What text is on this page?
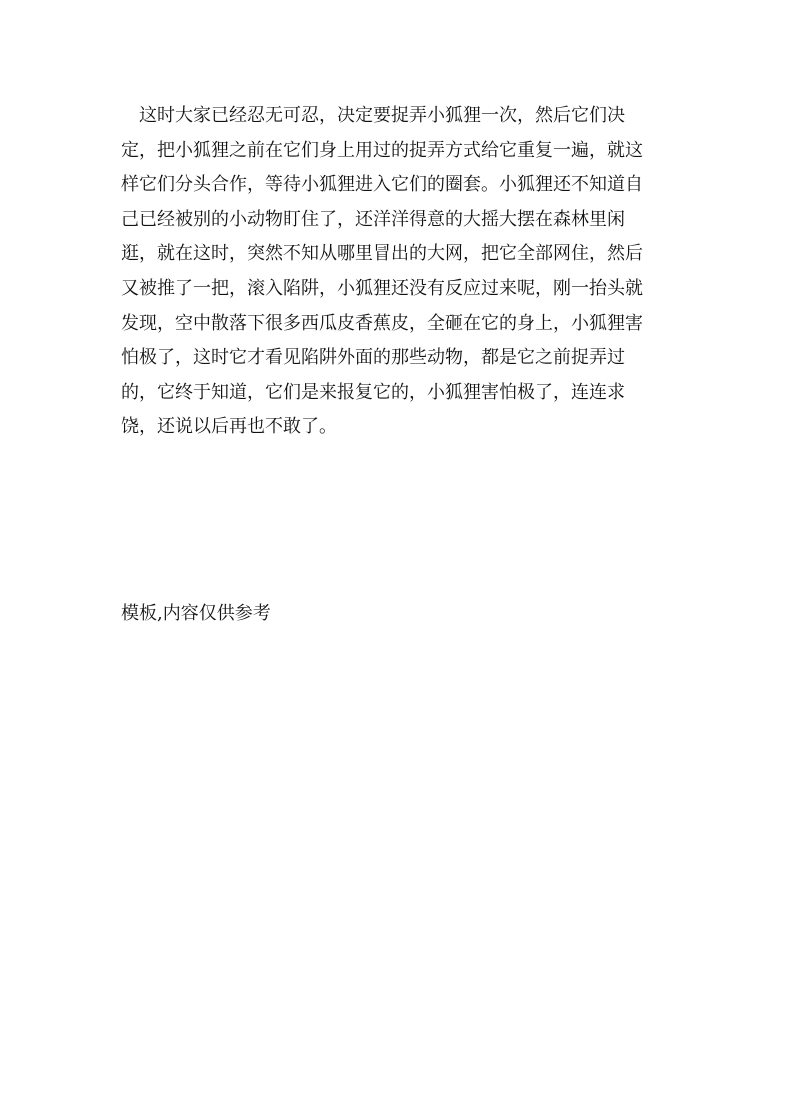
这时大家已经忍无可忍，决定要捉弄小狐狸一次，然后它们决
定，把小狐狸之前在它们身上用过的捉弄方式给它重复一遍，就这
样它们分头合作，等待小狐狸进入它们的圈套。小狐狸还不知道自
己已经被别的小动物盯住了，还洋洋得意的大摇大摆在森林里闲
逛，就在这时，突然不知从哪里冒出的大网，把它全部网住，然后
又被推了一把，滚入陷阱，小狐狸还没有反应过来呢，刚一抬头就
发现，空中散落下很多西瓜皮香蕉皮，全砸在它的身上，小狐狸害
怕极了，这时它才看见陷阱外面的那些动物，都是它之前捉弄过
的，它终于知道，它们是来报复它的，小狐狸害怕极了，连连求
饶，还说以后再也不敢了。
模板,内容仅供参考
